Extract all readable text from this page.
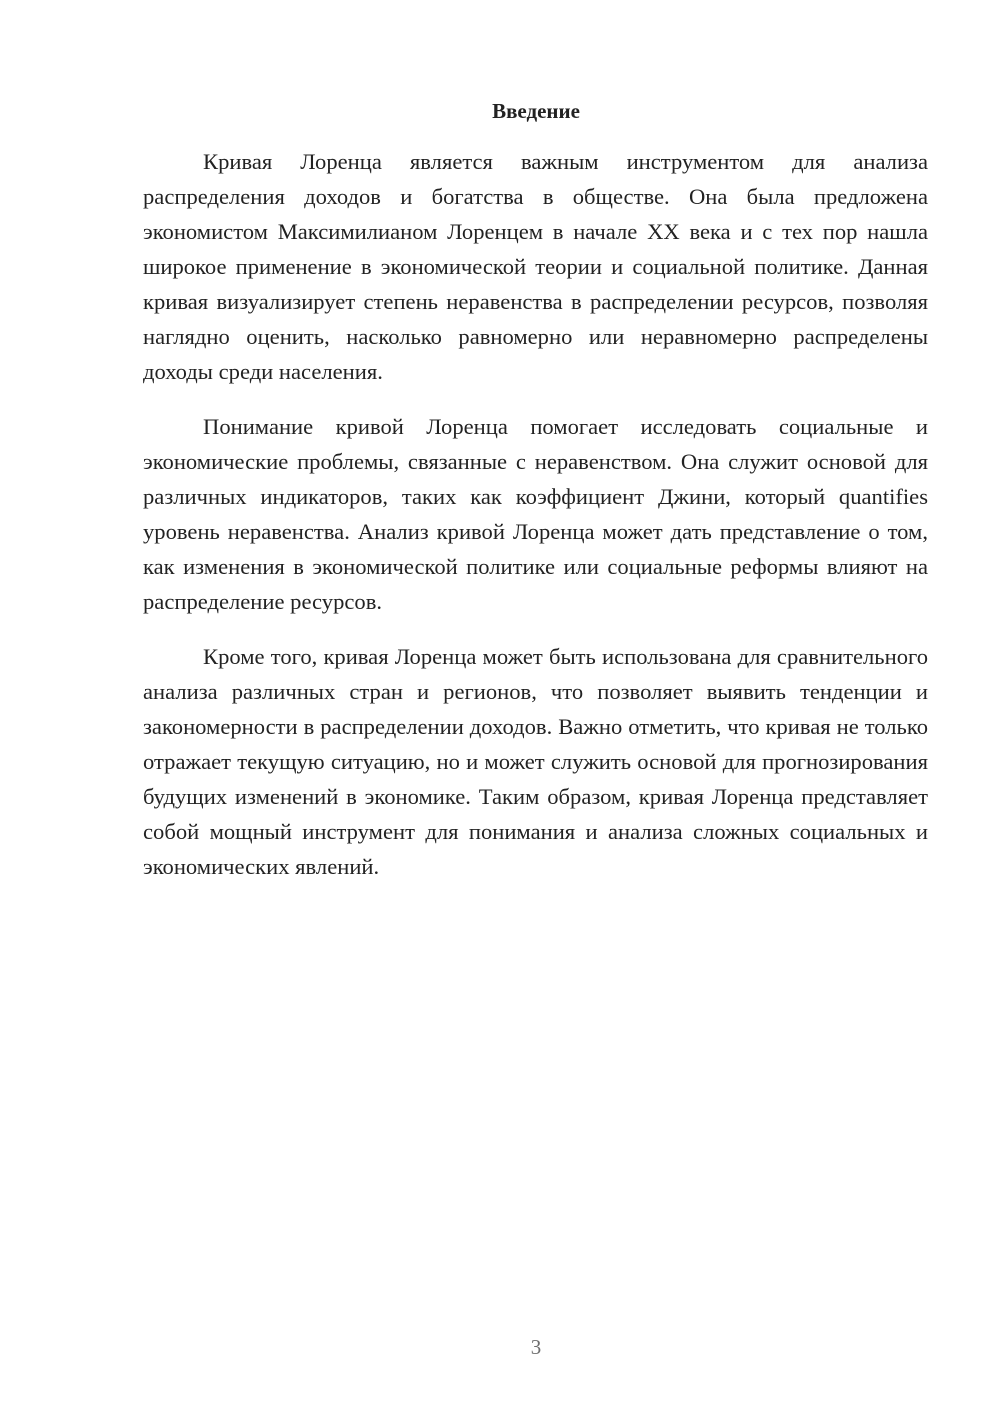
Введение

Кривая Лоренца является важным инструментом для анализа распределения доходов и богатства в обществе. Она была предложена экономистом Максимилианом Лоренцем в начале XX века и с тех пор нашла широкое применение в экономической теории и социальной политике. Данная кривая визуализирует степень неравенства в распределении ресурсов, позволяя наглядно оценить, насколько равномерно или неравномерно распределены доходы среди населения.

Понимание кривой Лоренца помогает исследовать социальные и экономические проблемы, связанные с неравенством. Она служит основой для различных индикаторов, таких как коэффициент Джини, который quantifies уровень неравенства. Анализ кривой Лоренца может дать представление о том, как изменения в экономической политике или социальные реформы влияют на распределение ресурсов.

Кроме того, кривая Лоренца может быть использована для сравнительного анализа различных стран и регионов, что позволяет выявить тенденции и закономерности в распределении доходов. Важно отметить, что кривая не только отражает текущую ситуацию, но и может служить основой для прогнозирования будущих изменений в экономике. Таким образом, кривая Лоренца представляет собой мощный инструмент для понимания и анализа сложных социальных и экономических явлений.

3
